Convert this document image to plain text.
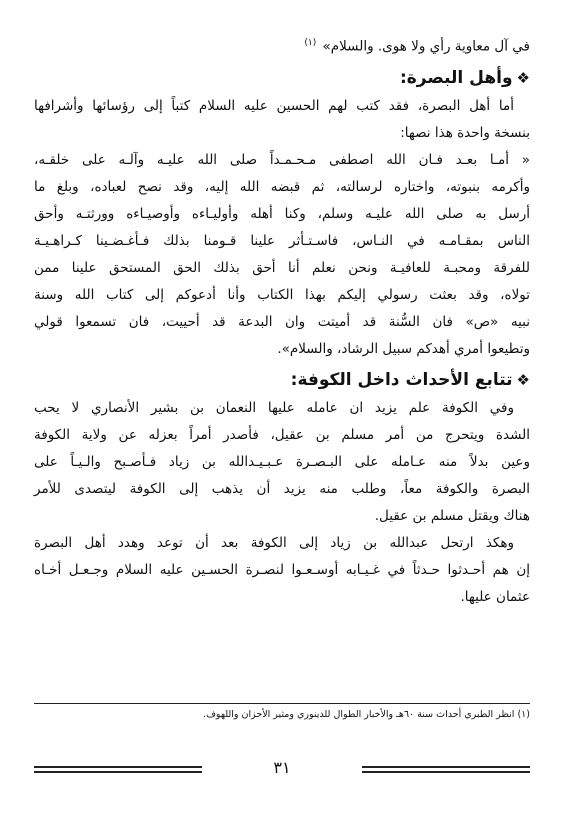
في آل معاوية رأي ولا هوى. والسلام» $^{(١)}$
❖وأهل البصرة:
أما أهل البصرة، فقد كتب لهم الحسين عليه السلام كتباً إلى رؤسائها وأشرافها
بنسخة واحدة هذا نصها:
« أمـا بعـد فـان الله اصطفى مـحـمـداً صلى الله عليـه وآلـه على خلقـه،
وأكرمه بنبوته، واختاره لرسالته، ثم قبضه الله إليه، وقد نصح لعباده، وبلغ ما
أرسل به صلى الله عليـه وسلم، وكنا أهله وأوليـاءه وأوصيـاءه وورثتـه وأحق
الناس بمقـامـه في النـاس، فاسـتـأثر علينا قـومنا بذلك فـأغـضـينا كـراهـيـة
للفرقة ومحبـة للعافيـة ونحن نعلم أنا أحق بذلك الحق المستحق علينا ممن
تولاه، وقد بعثت رسولي إليكم بهذا الكتاب وأنا أدعوكم إلى كتاب الله وسنة
نبيه «ص» فان السُّنة قد أميتت وان البدعة قد أحييت، فان تسمعوا قولي
وتطيعوا أمري أهدكم سبيل الرشاد، والسلام».
❖تتابع الأحداث داخل الكوفة:
وفي الكوفة علم يزيد ان عامله عليها النعمان بن بشير الأنصاري لا يحب
الشدة ويتحرج من أمر مسلم بن عقيل، فأصدر أمراً بعزله عن ولاية الكوفة
وعين بدلاً منه عـامله على البـصـرة عـبـيـدالله بن زياد فـأصـبح والـيـاً على
البصرة والكوفة معاً، وطلب منه يزيد أن يذهب إلى الكوفة ليتصدى للأمر
هناك ويقتل مسلم بن عقيل.
وهكذ ارتحل عبدالله بن زياد إلى الكوفة بعد أن توعد وهدد أهل البصرة
إن هم أحـدثوا حـدثاً في غـيـابه أوسـعـوا لنصـرة الحسـين عليه السلام وجـعـل أخـاه
عثمان عليها.
(١) انظر الطبري أحداث سنة ٦٠هـ والأخبار الطوال للدينوري ومثير الأحزان واللهوف.
٣١
